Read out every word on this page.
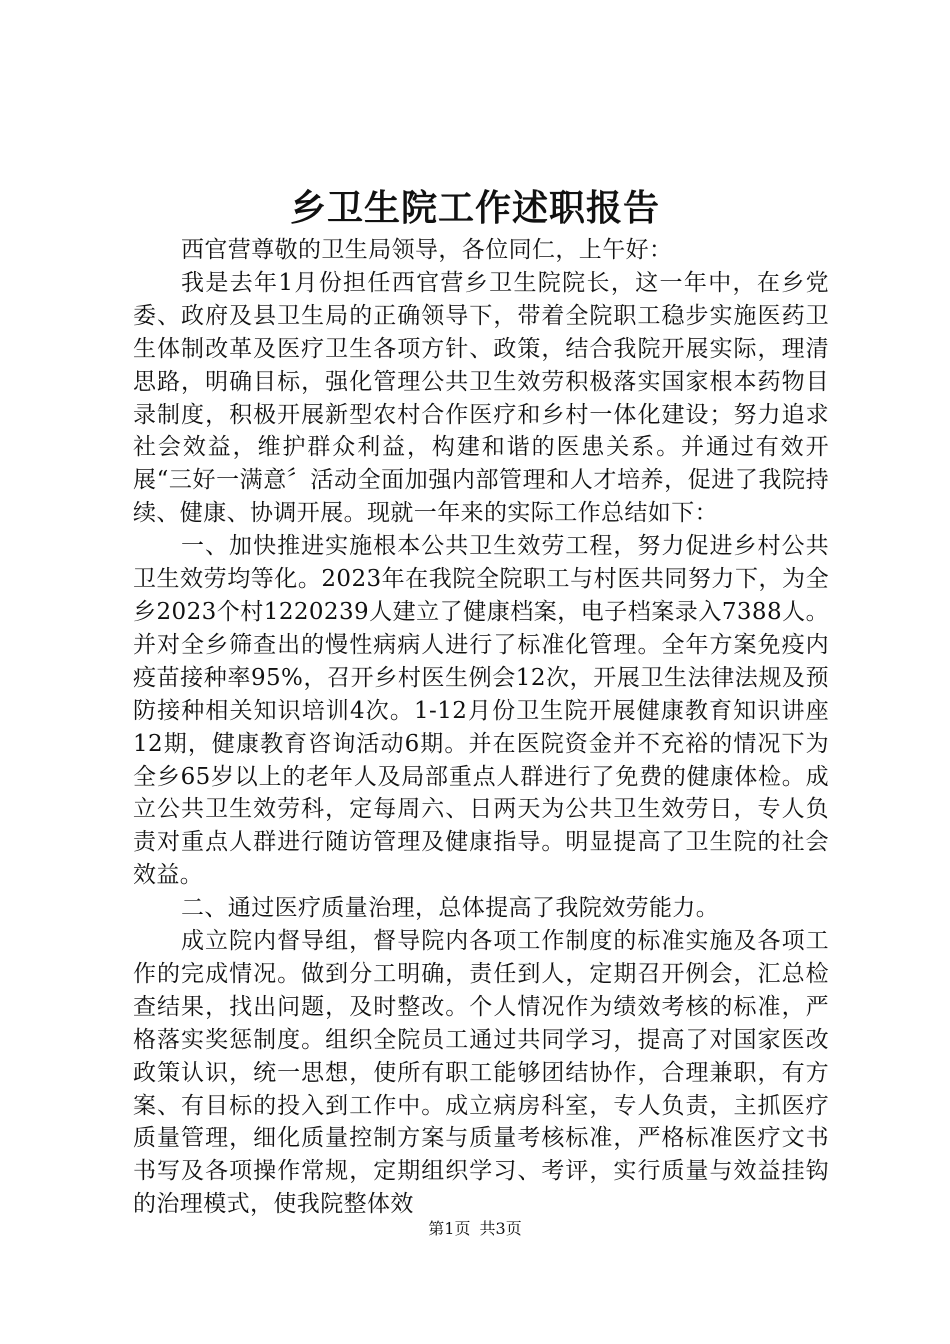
乡卫生院工作述职报告

西官营尊敬的卫生局领导，各位同仁，上午好：

我是去年1月份担任西官营乡卫生院院长，这一年中，在乡党委、政府及县卫生局的正确领导下，带着全院职工稳步实施医药卫生体制改革及医疗卫生各项方针、政策，结合我院开展实际，理清思路，明确目标，强化管理公共卫生效劳积极落实国家根本药物目录制度，积极开展新型农村合作医疗和乡村一体化建设；努力追求社会效益，维护群众利益，构建和谐的医患关系。并通过有效开展“三好一满意〞活动全面加强内部管理和人才培养，促进了我院持续、健康、协调开展。现就一年来的实际工作总结如下：

一、加快推进实施根本公共卫生效劳工程，努力促进乡村公共卫生效劳均等化。2023年在我院全院职工与村医共同努力下，为全乡2023个村1220239人建立了健康档案，电子档案录入7388人。并对全乡筛查出的慢性病病人进行了标准化管理。全年方案免疫内疫苗接种率95%，召开乡村医生例会12次，开展卫生法律法规及预防接种相关知识培训4次。1-12月份卫生院开展健康教育知识讲座12期，健康教育咨询活动6期。并在医院资金并不充裕的情况下为全乡65岁以上的老年人及局部重点人群进行了免费的健康体检。成立公共卫生效劳科，定每周六、日两天为公共卫生效劳日，专人负责对重点人群进行随访管理及健康指导。明显提高了卫生院的社会效益。

二、通过医疗质量治理，总体提高了我院效劳能力。

成立院内督导组，督导院内各项工作制度的标准实施及各项工作的完成情况。做到分工明确，责任到人，定期召开例会，汇总检查结果，找出问题，及时整改。个人情况作为绩效考核的标准，严格落实奖惩制度。组织全院员工通过共同学习，提高了对国家医改政策认识，统一思想，使所有职工能够团结协作，合理兼职，有方案、有目标的投入到工作中。成立病房科室，专人负责，主抓医疗质量管理，细化质量控制方案与质量考核标准，严格标准医疗文书书写及各项操作常规，定期组织学习、考评，实行质量与效益挂钩的治理模式，使我院整体效

第1页 共3页
